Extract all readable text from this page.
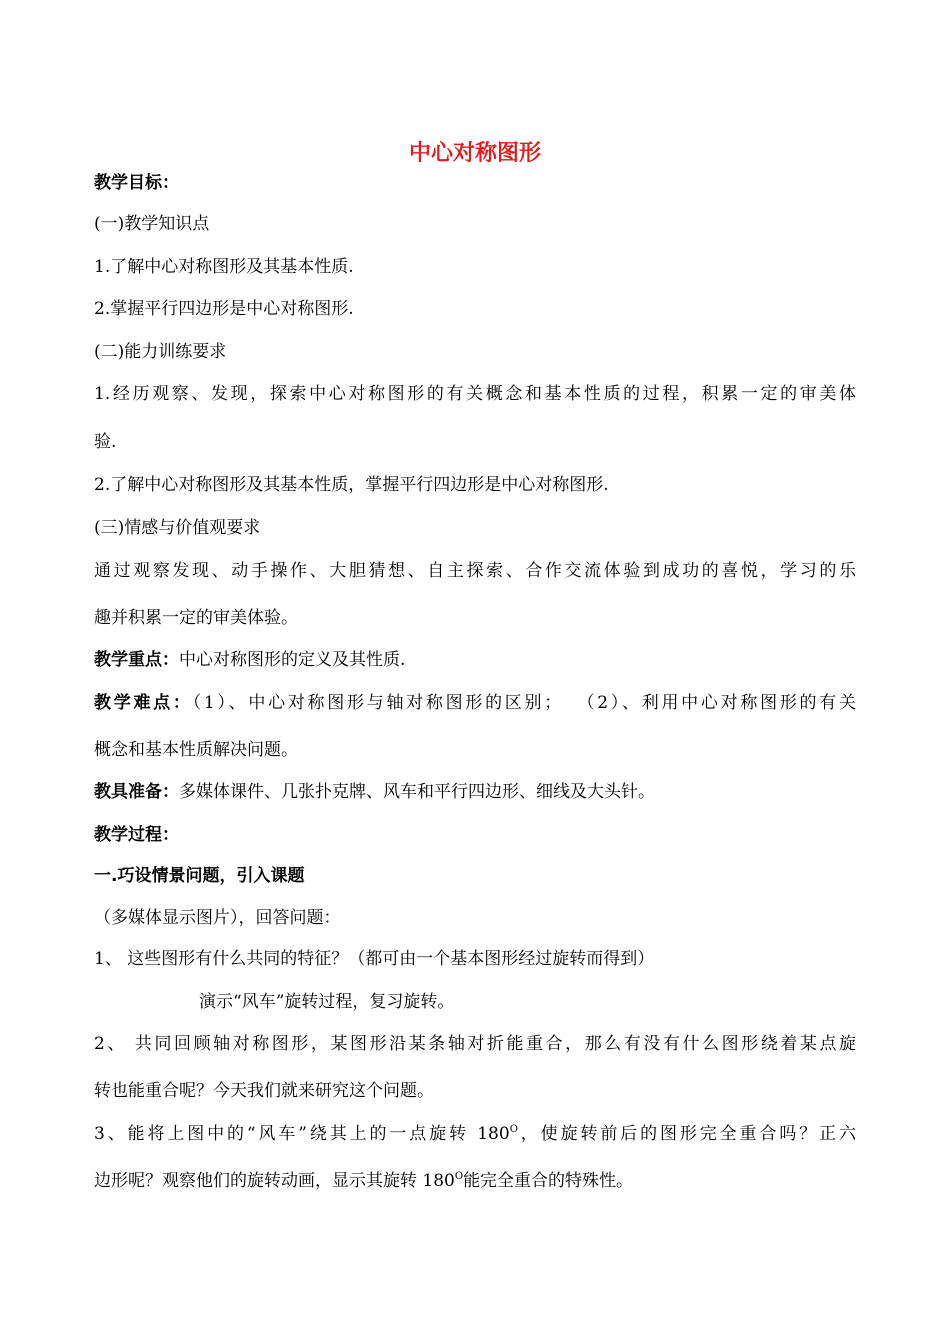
中心对称图形
教学目标：
(一)教学知识点
1.了解中心对称图形及其基本性质.
2.掌握平行四边形是中心对称图形.
(二)能力训练要求
1.经历观察、发现，探索中心对称图形的有关概念和基本性质的过程，积累一定的审美体
验.
2.了解中心对称图形及其基本性质，掌握平行四边形是中心对称图形.
(三)情感与价值观要求
通过观察发现、动手操作、大胆猜想、自主探索、合作交流体验到成功的喜悦，学习的乐
趣并积累一定的审美体验。
教学重点：中心对称图形的定义及其性质.
教学难点：（1）、中心对称图形与轴对称图形的区别；  （2）、利用中心对称图形的有关
概念和基本性质解决问题。
教具准备：多媒体课件、几张扑克牌、风车和平行四边形、细线及大头针。
教学过程：
一.巧设情景问题，引入课题
（多媒体显示图片），回答问题：
1、 这些图形有什么共同的特征？（都可由一个基本图形经过旋转而得到）
演示“风车”旋转过程，复习旋转。
2、 共同回顾轴对称图形，某图形沿某条轴对折能重合，那么有没有什么图形绕着某点旋
转也能重合呢？今天我们就来研究这个问题。
3、能将上图中的“风车”绕其上的一点旋转 $180^O$，使旋转前后的图形完全重合吗？正六
边形呢？观察他们的旋转动画，显示其旋转 $180^O$能完全重合的特殊性。
